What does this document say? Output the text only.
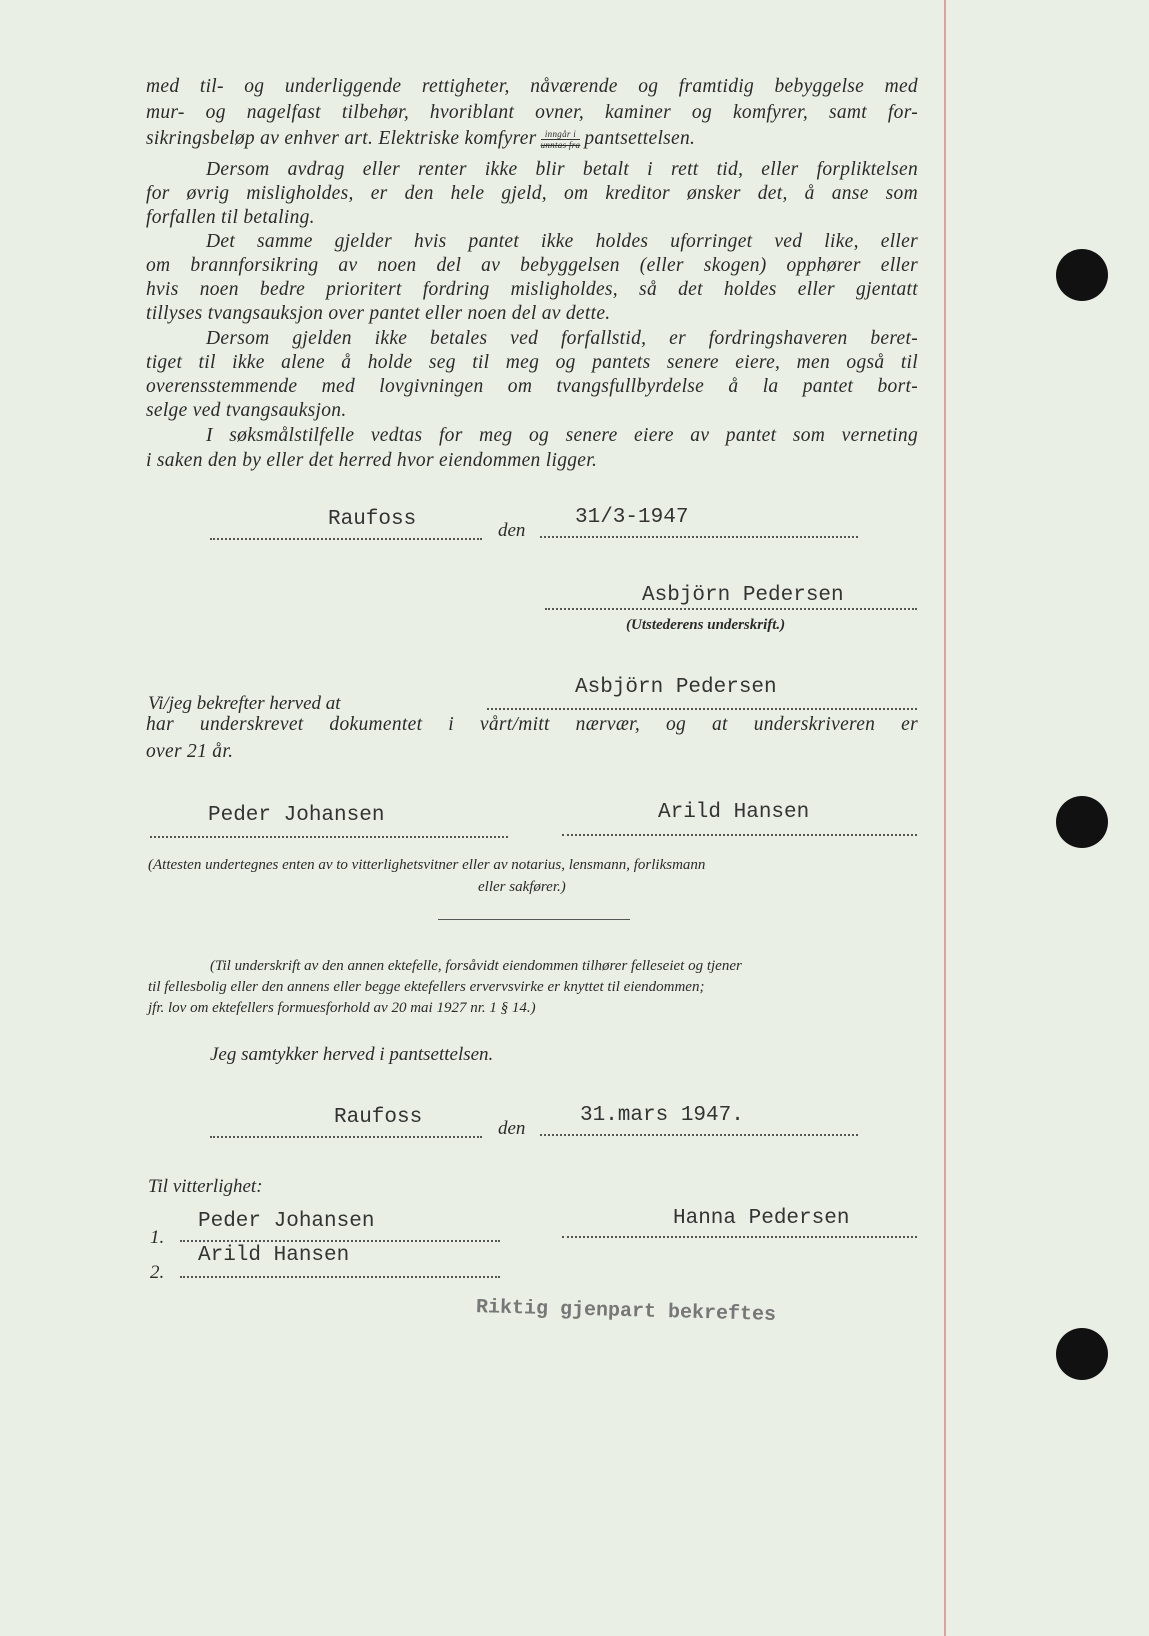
med til- og underliggende rettigheter, nåværende og framtidig bebyggelse med
mur- og nagelfast tilbehør, hvoriblant ovner, kaminer og komfyrer, samt for-
sikringsbeløp av enhver art. Elektriske komfyrer $\frac{\text{inngår i}}{\text{unntas fra}}$ pantsettelsen.
Dersom avdrag eller renter ikke blir betalt i rett tid, eller forpliktelsen
for øvrig misligholdes, er den hele gjeld, om kreditor ønsker det, å anse som
forfallen til betaling.
Det samme gjelder hvis pantet ikke holdes uforringet ved like, eller
om brannforsikring av noen del av bebyggelsen (eller skogen) opphører eller
hvis noen bedre prioritert fordring misligholdes, så det holdes eller gjentatt
tillyses tvangsauksjon over pantet eller noen del av dette.
Dersom gjelden ikke betales ved forfallstid, er fordringshaveren beret-
tiget til ikke alene å holde seg til meg og pantets senere eiere, men også til
overensstemmende med lovgivningen om tvangsfullbyrdelse å la pantet bort-
selge ved tvangsauksjon.
I søksmålstilfelle vedtas for meg og senere eiere av pantet som verneting
i saken den by eller det herred hvor eiendommen ligger.
Raufoss	den
31/3-1947
Asbjörn Pedersen
(Utstederens underskrift.)
Vi/jeg bekrefter herved at
Asbjörn Pedersen
har underskrevet dokumentet i vårt/mitt nærvær, og at underskriveren er
over 21 år.
Peder Johansen	Arild Hansen
(Attesten undertegnes enten av to vitterlighetsvitner eller av notarius, lensmann, forliksmann
eller sakfører.)
(Til underskrift av den annen ektefelle, forsåvidt eiendommen tilhører felleseiet og tjener
til fellesbolig eller den annens eller begge ektefellers ervervsvirke er knyttet til eiendommen;
jfr. lov om ektefellers formuesforhold av 20 mai 1927 nr. 1 § 14.)
Jeg samtykker herved i pantsettelsen.
Raufoss	den
31.mars 1947.
Til vitterlighet:
1.
Peder Johansen	Hanna Pedersen
2.
Arild Hansen
Riktig gjenpart bekreftes
